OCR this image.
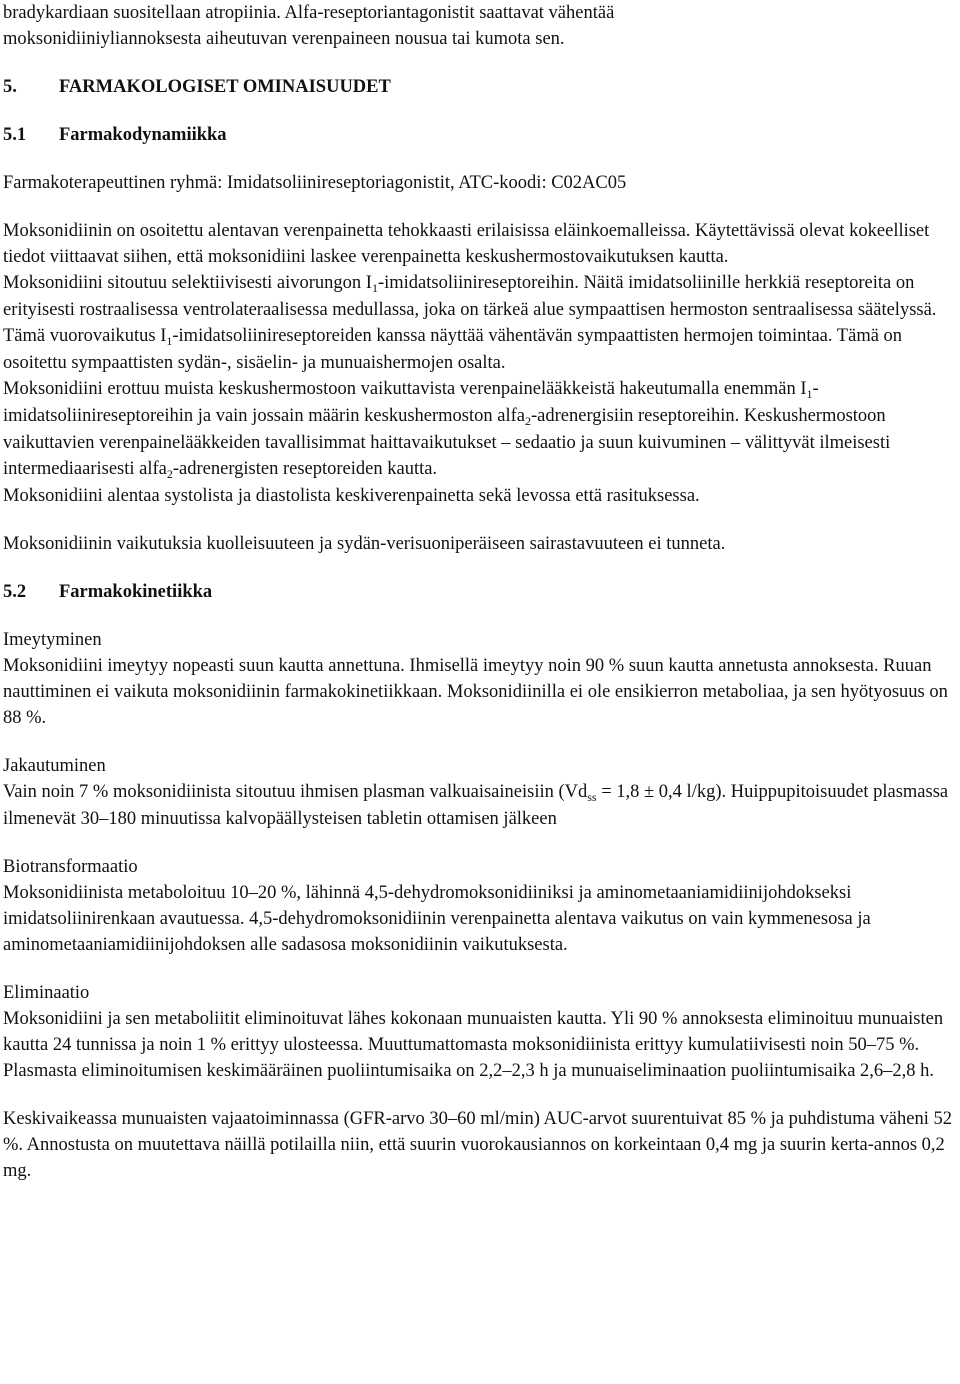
bradykardiaan suositellaan atropiinia. Alfa-reseptoriantagonistit saattavat vähentää

moksonidiiniyliannoksesta aiheutuvan verenpaineen nousua tai kumota sen.

5. FARMAKOLOGISET OMINAISUUDET

5.1 Farmakodynamiikka

Farmakoterapeuttinen ryhmä: Imidatsoliinireseptoriagonistit, ATC-koodi: C02AC05

Moksonidiinin on osoitettu alentavan verenpainetta tehokkaasti erilaisissa eläinkoemalleissa. Käytettävissä olevat kokeelliset tiedot viittaavat siihen, että moksonidiini laskee verenpainetta keskushermostovaikutuksen kautta.

Moksonidiini sitoutuu selektiivisesti aivorungon $I_1$-imidatsoliinireseptoreihin. Näitä imidatsoliinille herkkiä reseptoreita on erityisesti rostraalisessa ventrolateraalisessa medullassa, joka on tärkeä alue sympaattisen hermoston sentraalisessa säätelyssä. Tämä vuorovaikutus $I_1$-imidatsoliinireseptoreiden kanssa näyttää vähentävän sympaattisten hermojen toimintaa. Tämä on osoitettu sympaattisten sydän-, sisäelin- ja munuaishermojen osalta.

Moksonidiini erottuu muista keskushermostoon vaikuttavista verenpainelääkkeistä hakeutumalla enemmän $I_1$-imidatsoliinireseptoreihin ja vain jossain määrin keskushermoston alfa$_2$-adrenergisiin reseptoreihin. Keskushermostoon vaikuttavien verenpainelääkkeiden tavallisimmat haittavaikutukset – sedaatio ja suun kuivuminen – välittyvät ilmeisesti intermediaarisesti alfa$_2$-adrenergisten reseptoreiden kautta.

Moksonidiini alentaa systolista ja diastolista keskiverenpainetta sekä levossa että rasituksessa.

Moksonidiinin vaikutuksia kuolleisuuteen ja sydän-verisuoniperäiseen sairastavuuteen ei tunneta.

5.2 Farmakokinetiikka

Imeytyminen

Moksonidiini imeytyy nopeasti suun kautta annettuna. Ihmisellä imeytyy noin 90 % suun kautta annetusta annoksesta. Ruuan nauttiminen ei vaikuta moksonidiinin farmakokinetiikkaan. Moksonidiinilla ei ole ensikierron metaboliaa, ja sen hyötyosuus on 88 %.

Jakautuminen

Vain noin 7 % moksonidiinista sitoutuu ihmisen plasman valkuaisaineisiin ($Vd_{ss} = 1,8 \pm 0,4$ l/kg). Huippupitoisuudet plasmassa ilmenevät 30–180 minuutissa kalvopäällysteisen tabletin ottamisen jälkeen

Biotransformaatio

Moksonidiinista metaboloituu 10–20 %, lähinnä 4,5-dehydromoksonidiiniksi ja aminometaaniamidiinijohdokseksi imidatsoliinirenkaan avautuessa. 4,5-dehydromoksonidiinin verenpainetta alentava vaikutus on vain kymmenesosa ja aminometaaniamidiinijohdoksen alle sadasosa moksonidiinin vaikutuksesta.

Eliminaatio

Moksonidiini ja sen metaboliitit eliminoituvat lähes kokonaan munuaisten kautta. Yli 90 % annoksesta eliminoituu munuaisten kautta 24 tunnissa ja noin 1 % erittyy ulosteessa. Muuttumattomasta moksonidiinista erittyy kumulatiivisesti noin 50–75 %. Plasmasta eliminoitumisen keskimääräinen puoliintumisaika on 2,2–2,3 h ja munuaiseliminaation puoliintumisaika 2,6–2,8 h.

Keskivaikeassa munuaisten vajaatoiminnassa (GFR-arvo 30–60 ml/min) AUC-arvot suurentuivat 85 % ja puhdistuma väheni 52 %. Annostusta on muutettava näillä potilailla niin, että suurin vuorokausiannos on korkeintaan 0,4 mg ja suurin kerta-annos 0,2 mg.
